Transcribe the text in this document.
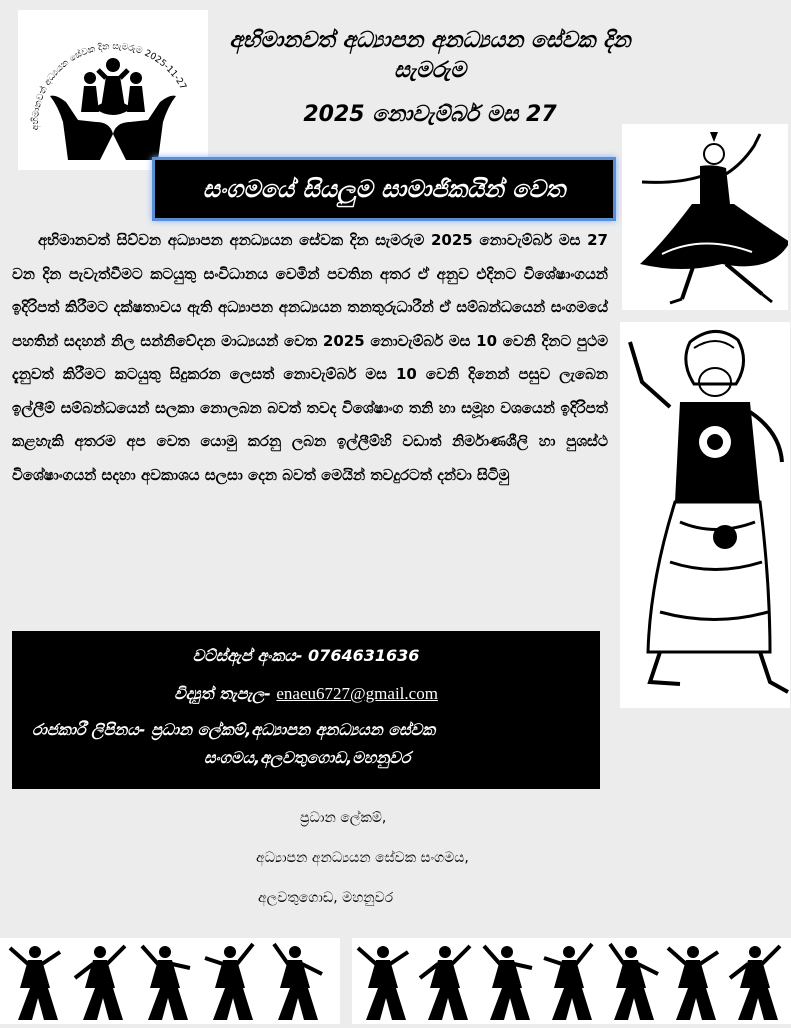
අභිමානවත් අධ්‍යයන සේවක දින සැමරුම 2025-11-27
අභිමානවත් අධ්‍යාපන අනධ්‍යයන සේවක දින සැමරුම
2025 නොවැම්බර් මස 27
සංගමයේ සියලුම සාමාජිකයින් වෙත

අභිමානවත් සිව්වන අධ්‍යාපන අනධ්‍යයන සේවක දින සැමරුම 2025 නොවැම්බර් මස 27 වන දින පැවැත්වීමට කටයුතු සංවිධානය වෙමින් පවතින අතර ඒ අනුව එදිනට විශේෂාංගයන් ඉදිරිපත් කිරීමට දක්ෂතාවය ඇති අධ්‍යාපන අනධ්‍යයන තනතුරුධාරීන් ඒ සම්බන්ධයෙන් සංගමයේ පහතින් සදහන් නිල සන්නිවේදන මාධ්‍යයන් වෙත 2025 නොවැම්බර් මස 10 වෙනි දිනට පුථම දැනුවත් කිරීමට කටයුතු සිදුකරන ලෙසත් නොවැම්බර් මස 10 වෙනි දිනෙන් පසුව ලැබෙන ඉල්ලීම් සම්බන්ධයෙන් සලකා නොලබන බවත් තවද විශේෂාංග තනි හා සමූහ වශයෙන් ඉදිරිපත් කළහැකි අතරම අප වෙත යොමු කරනු ලබන ඉල්ලීම්හි වඩාත් නිර්මාණශීලි හා පුශස්ථ විශේෂාංගයන් සදහා අවකාශය සලසා දෙන බවත් මෙයින් තවදුරටත් දන්වා සිටිමු

වට්ස්ඇප් අංකය- 0764631636
විද්‍යුත් තැපැල- enaeu6727@gmail.com
රාජකාරී ලිපිනය- ප්‍රධාන ලේකම්,අධ්‍යාපන අනධ්‍යයන සේවක
සංගමය,අලවතුගොඩ,මහනුවර
ප්‍රධාන ලේකම්,
අධ්‍යාපන අනධ්‍යයන සේවක සංගමය,
අලවතුගොඩ, මහනුවර
